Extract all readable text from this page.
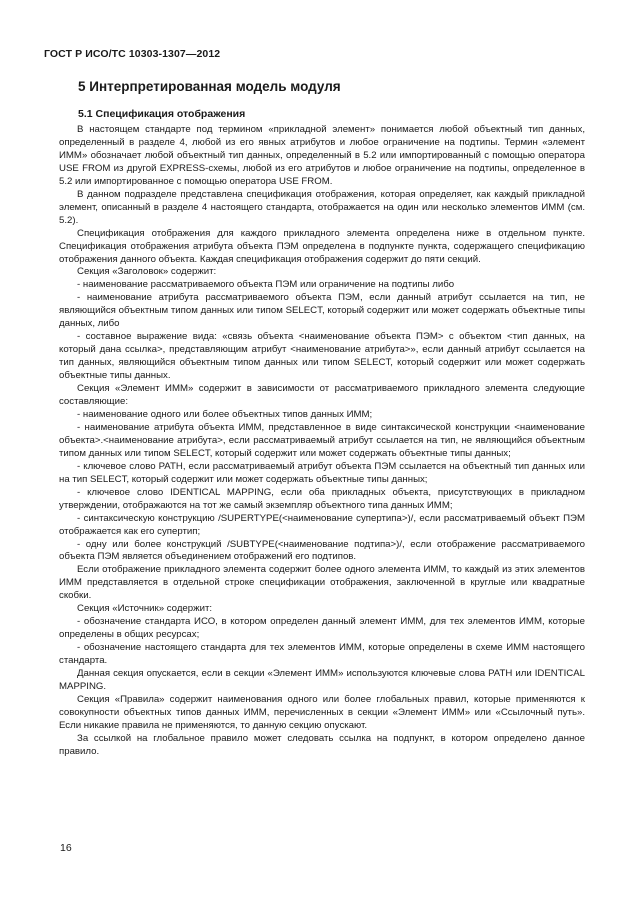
ГОСТ Р ИСО/ТС 10303-1307—2012
5 Интерпретированная модель модуля
5.1 Спецификация отображения

В настоящем стандарте под термином «прикладной элемент» понимается любой объектный тип данных, определенный в разделе 4, любой из его явных атрибутов и любое ограничение на подтипы. Термин «элемент ИММ» обозначает любой объектный тип данных, определенный в 5.2 или импортированный с помощью оператора USE FROM из другой EXPRESS-схемы, любой из его атрибутов и любое ограничение на подтипы, определенное в 5.2 или импортированное с помощью оператора USE FROM.

В данном подразделе представлена спецификация отображения, которая определяет, как каждый прикладной элемент, описанный в разделе 4 настоящего стандарта, отображается на один или несколько элементов ИММ (см. 5.2).

Спецификация отображения для каждого прикладного элемента определена ниже в отдельном пункте. Спецификация отображения атрибута объекта ПЭМ определена в подпункте пункта, содержащего спецификацию отображения данного объекта. Каждая спецификация отображения содержит до пяти секций.

Секция «Заголовок» содержит:

- наименование рассматриваемого объекта ПЭМ или ограничение на подтипы либо

- наименование атрибута рассматриваемого объекта ПЭМ, если данный атрибут ссылается на тип, не являющийся объектным типом данных или типом SELECT, который содержит или может содержать объектные типы данных, либо

- составное выражение вида: «связь объекта <наименование объекта ПЭМ> с объектом <тип данных, на который дана ссылка>, представляющим атрибут <наименование атрибута>», если данный атрибут ссылается на тип данных, являющийся объектным типом данных или типом SELECT, который содержит или может содержать объектные типы данных.

Секция «Элемент ИММ» содержит в зависимости от рассматриваемого прикладного элемента следующие составляющие:

- наименование одного или более объектных типов данных ИММ;

- наименование атрибута объекта ИММ, представленное в виде синтаксической конструкции <наименование объекта>.<наименование атрибута>, если рассматриваемый атрибут ссылается на тип, не являющийся объектным типом данных или типом SELECT, который содержит или может содержать объектные типы данных;

- ключевое слово PATH, если рассматриваемый атрибут объекта ПЭМ ссылается на объектный тип данных или на тип SELECT, который содержит или может содержать объектные типы данных;

- ключевое слово IDENTICAL MAPPING, если оба прикладных объекта, присутствующих в прикладном утверждении, отображаются на тот же самый экземпляр объектного типа данных ИММ;

- синтаксическую конструкцию /SUPERTYPE(<наименование супертипа>)/, если рассматриваемый объект ПЭМ отображается как его супертип;

- одну или более конструкций /SUBTYPE(<наименование подтипа>)/, если отображение рассматриваемого объекта ПЭМ является объединением отображений его подтипов.

Если отображение прикладного элемента содержит более одного элемента ИММ, то каждый из этих элементов ИММ представляется в отдельной строке спецификации отображения, заключенной в круглые или квадратные скобки.

Секция «Источник» содержит:

- обозначение стандарта ИСО, в котором определен данный элемент ИММ, для тех элементов ИММ, которые определены в общих ресурсах;

- обозначение настоящего стандарта для тех элементов ИММ, которые определены в схеме ИММ настоящего стандарта.

Данная секция опускается, если в секции «Элемент ИММ» используются ключевые слова PATH или IDENTICAL MAPPING.

Секция «Правила» содержит наименования одного или более глобальных правил, которые применяются к совокупности объектных типов данных ИММ, перечисленных в секции «Элемент ИММ» или «Ссылочный путь». Если никакие правила не применяются, то данную секцию опускают.

За ссылкой на глобальное правило может следовать ссылка на подпункт, в котором определено данное правило.

16
